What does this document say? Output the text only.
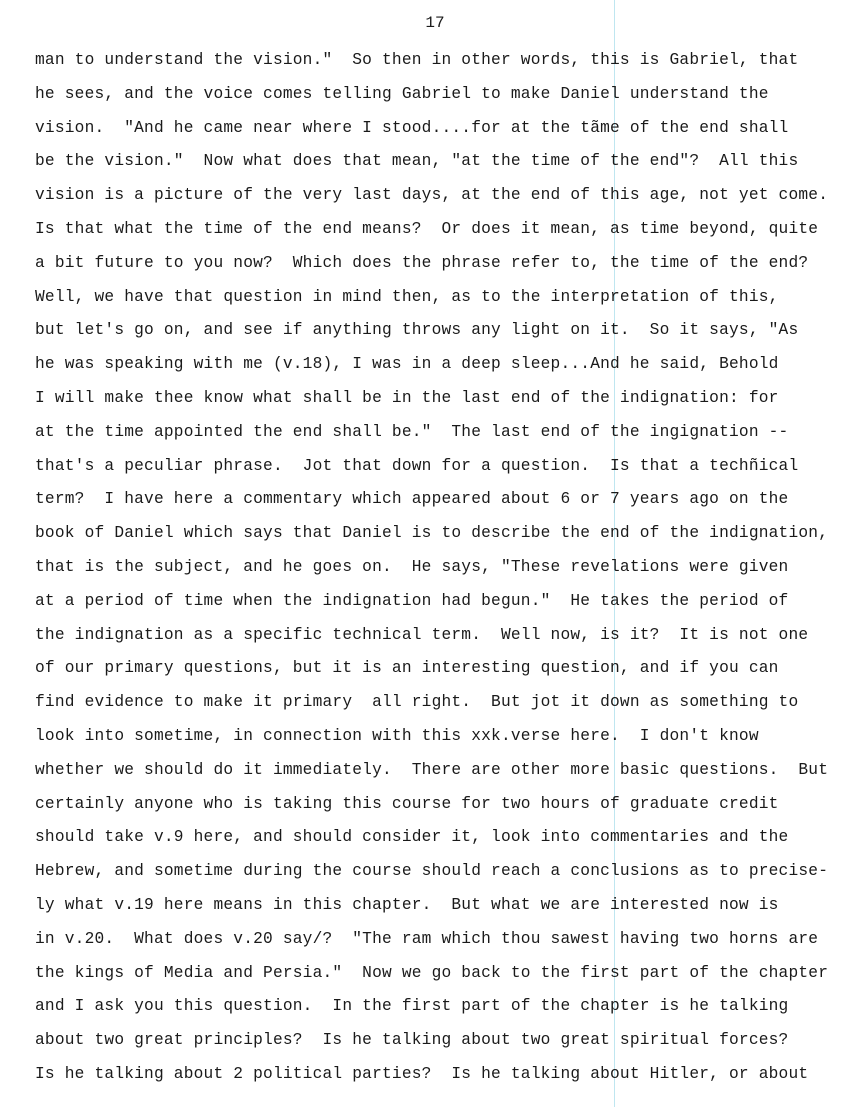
17
man to understand the vision."  So then in other words, this is Gabriel, that
he sees, and the voice comes telling Gabriel to make Daniel understand the
vision.  "And he came near where I stood....for at the tãme of the end shall
be the vision."  Now what does that mean, "at the time of the end"?  All this
vision is a picture of the very last days, at the end of this age, not yet come.
Is that what the time of the end means?  Or does it mean, as time beyond, quite
a bit future to you now?  Which does the phrase refer to, the time of the end?
Well, we have that question in mind then, as to the interpretation of this,
but let's go on, and see if anything throws any light on it.  So it says, "As
he was speaking with me (v.18), I was in a deep sleep...And he said, Behold
I will make thee know what shall be in the last end of the indignation: for
at the time appointed the end shall be."  The last end of the ingignation --
that's a peculiar phrase.  Jot that down for a question.  Is that a techñical
term?  I have here a commentary which appeared about 6 or 7 years ago on the
book of Daniel which says that Daniel is to describe the end of the indignation,
that is the subject, and he goes on.  He says, "These revelations were given
at a period of time when the indignation had begun."  He takes the period of
the indignation as a specific technical term.  Well now, is it?  It is not one
of our primary questions, but it is an interesting question, and if you can
find evidence to make it primary  all right.  But jot it down as something to
look into sometime, in connection with this xxk.verse here.  I don't know
whether we should do it immediately.  There are other more basic questions.  But
certainly anyone who is taking this course for two hours of graduate credit
should take v.9 here, and should consider it, look into commentaries and the
Hebrew, and sometime during the course should reach a conclusions as to precise-
ly what v.19 here means in this chapter.  But what we are interested now is
in v.20.  What does v.20 say/?  "The ram which thou sawest having two horns are
the kings of Media and Persia."  Now we go back to the first part of the chapter
and I ask you this question.  In the first part of the chapter is he talking
about two great principles?  Is he talking about two great spiritual forces?
Is he talking about 2 political parties?  Is he talking about Hitler, or about
